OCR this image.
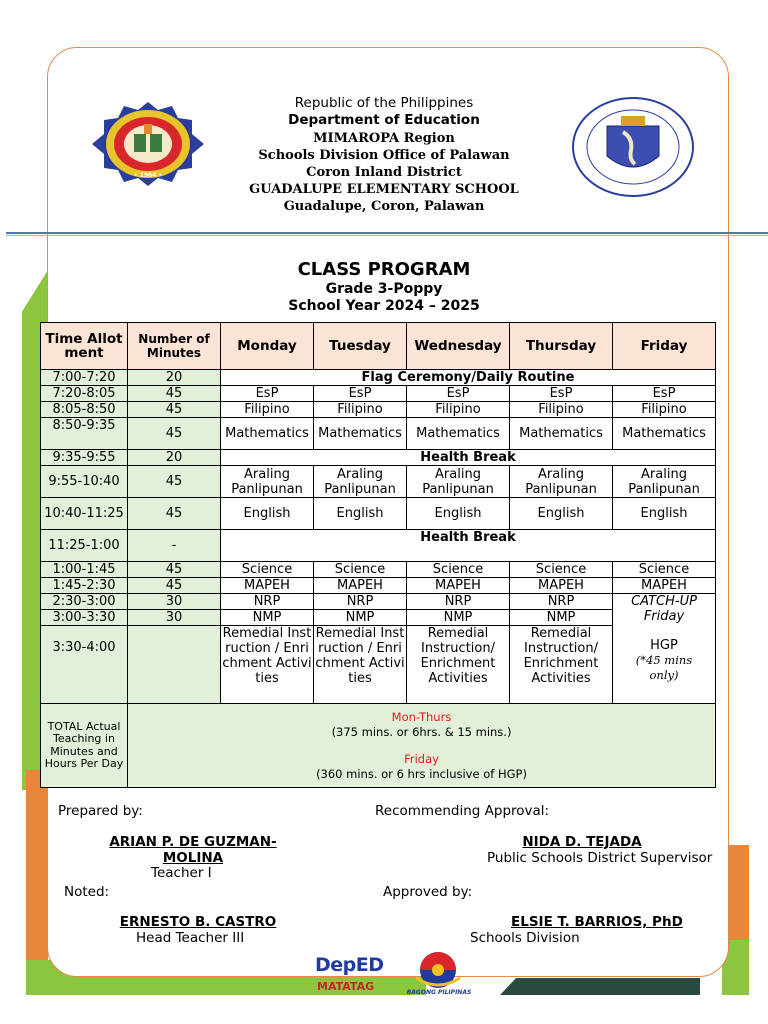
• 1964 •
Republic of the Philippines
Department of Education
MIMAROPA Region
Schools Division Office of Palawan
Coron Inland District
GUADALUPE ELEMENTARY SCHOOL
Guadalupe, Coron, Palawan
CLASS PROGRAM
Grade 3-Poppy
School Year 2024 – 2025
Time Allotment	Number of Minutes	Monday	Tuesday	Wednesday	Thursday	Friday
7:00-7:20	20	Flag Ceremony/Daily Routine				
7:20-8:05	45	EsP	EsP	EsP	EsP	EsP
8:05-8:50	45	Filipino	Filipino	Filipino	Filipino	Filipino
8:50-9:35	45	Mathematics	Mathematics	Mathematics	Mathematics	Mathematics
9:35-9:55	20	Health Break				
9:55-10:40	45	Araling Panlipunan	Araling Panlipunan	Araling Panlipunan	Araling Panlipunan	Araling Panlipunan
10:40-11:25	45	English	English	English	English	English
11:25-1:00	-	Health Break				
1:00-1:45	45	Science	Science	Science	Science	Science
1:45-2:30	45	MAPEH	MAPEH	MAPEH	MAPEH	MAPEH
2:30-3:00	30	NRP	NRP	NRP	NRP	CATCH-UP
Friday
HGP
(*45 mins only)

3:00-3:30	30	NMP	NMP	NMP	NMP	
3:30-4:00		Remedial Instruction / Enrichment Activities	Remedial Instruction / Enrichment Activities	Remedial Instruction/ Enrichment Activities	Remedial Instruction/ Enrichment Activities	
TOTAL Actual Teaching in Minutes and Hours Per Day	Mon-Thurs
(375 mins. or 6hrs. & 15 mins.)
Friday
(360 mins. or 6 hrs inclusive of HGP)					
Prepared by:	Recommending Approval:
ARIAN P. DE GUZMAN-MOLINA
Teacher I
NIDA D. TEJADA
Public Schools District Supervisor
Noted:	Approved by:
ERNESTO B. CASTRO
Head Teacher III
ELSIE T. BARRIOS, PhD
Schools Division
DepED
MATATAG	BAGONG PILIPINAS
